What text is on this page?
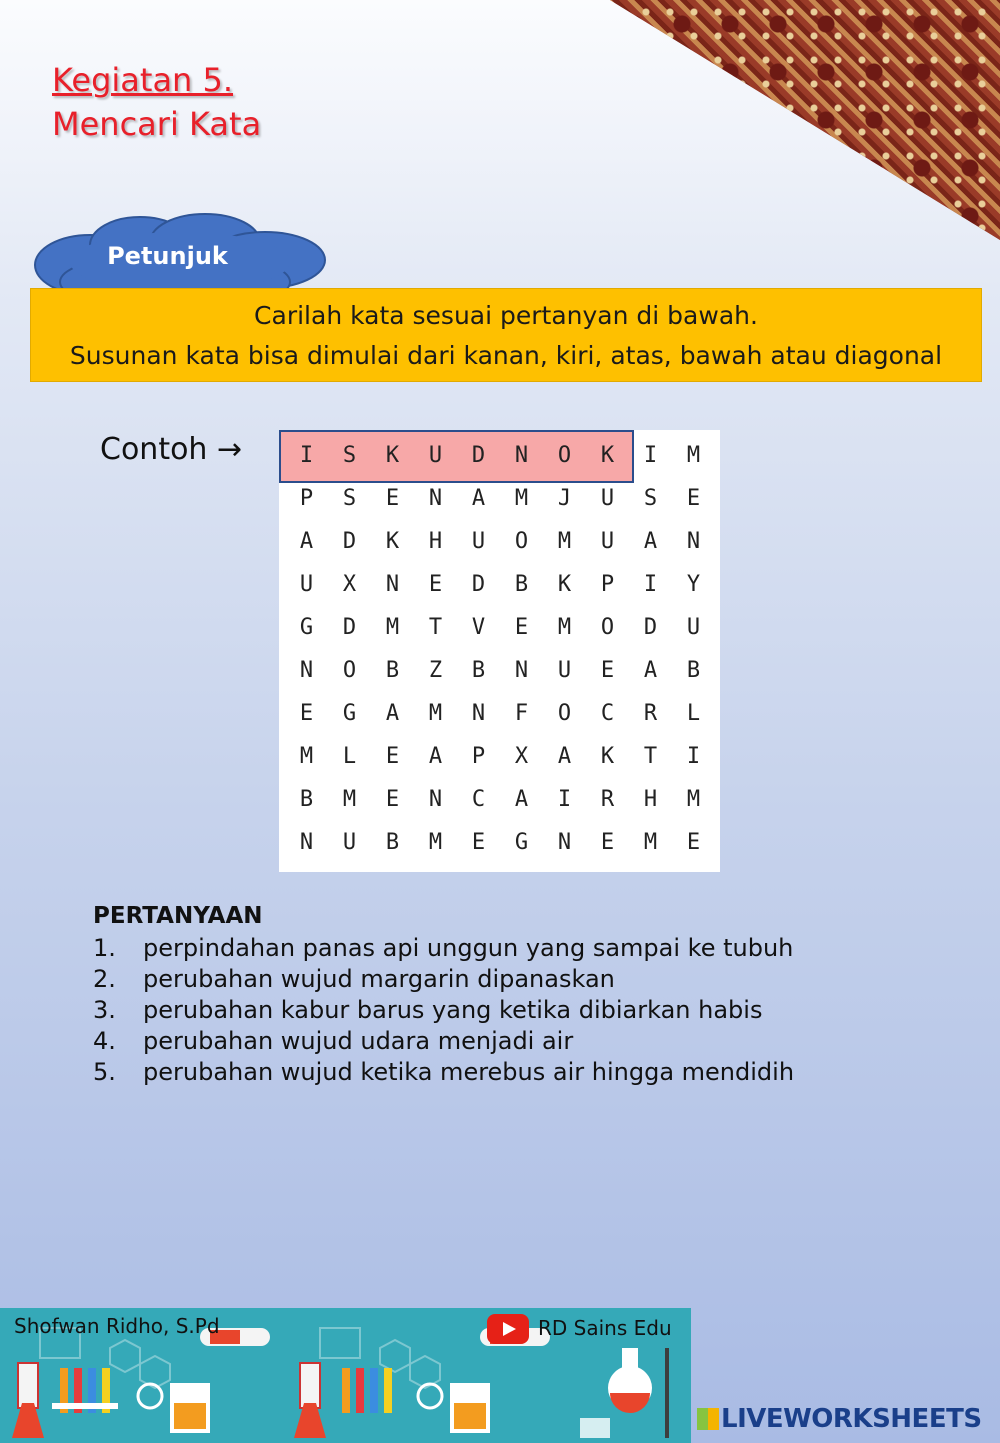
Kegiatan 5.
Mencari Kata
Petunjuk
Carilah kata sesuai pertanyan di bawah.
Susunan kata bisa dimulai dari kanan, kiri, atas, bawah atau diagonal
Contoh →	I	S	K	U	D	N	O	K	I	M
P	S	E	N	A	M	J	U	S	E
A	D	K	H	U	O	M	U	A	N
U	X	N	E	D	B	K	P	I	Y
G	D	M	T	V	E	M	O	D	U
N	O	B	Z	B	N	U	E	A	B
E	G	A	M	N	F	O	C	R	L
M	L	E	A	P	X	A	K	T	I
B	M	E	N	C	A	I	R	H	M
N	U	B	M	E	G	N	E	M	E
PERTANYAAN
1.	perpindahan panas api unggun yang sampai ke tubuh
2.	perubahan wujud margarin dipanaskan
3.	perubahan kabur barus yang ketika dibiarkan habis
4.	perubahan wujud udara menjadi air
5.	perubahan wujud ketika merebus air hingga mendidih
Shofwan Ridho, S.Pd	RD Sains Edu
LIVEWORKSHEETS
